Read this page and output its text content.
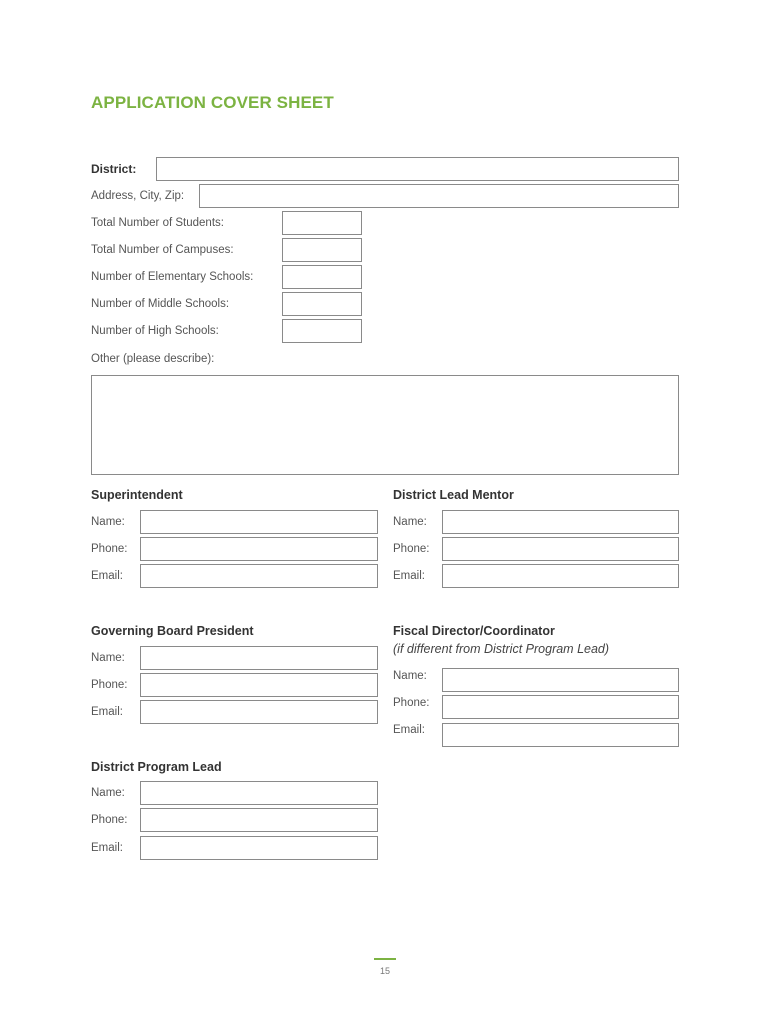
APPLICATION COVER SHEET
District:
Address, City, Zip:
Total Number of Students:
Total Number of Campuses:
Number of Elementary Schools:
Number of Middle Schools:
Number of High Schools:
Other (please describe):
Superintendent
Name:
Phone:
Email:
District Lead Mentor
Name:
Phone:
Email:
Governing Board President
Name:
Phone:
Email:
Fiscal Director/Coordinator
(if different from District Program Lead)
Name:
Phone:
Email:
District Program Lead
Name:
Phone:
Email:
15
